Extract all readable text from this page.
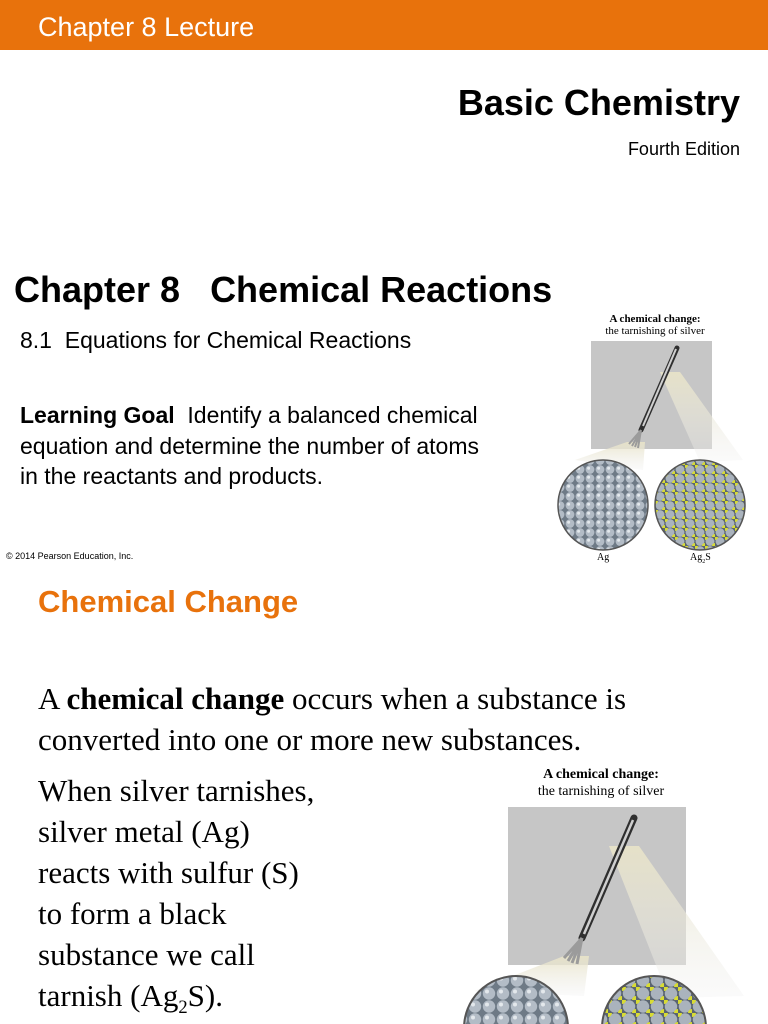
Chapter 8 Lecture
Basic Chemistry
Fourth Edition
Chapter 8 Chemical Reactions
8.1  Equations for Chemical Reactions
Learning Goal Identify a balanced chemical equation and determine the number of atoms in the reactants and products.
© 2014 Pearson Education, Inc.
A chemical change:
the tarnishing of silver
Ag	$Ag_2S$
Chemical Change
A chemical change occurs when a substance is converted into one or more new substances.
When silver tarnishes,
silver metal (Ag)
reacts with sulfur (S)
to form a black
substance we call
tarnish $(Ag_2S)$.
A chemical change:
the tarnishing of silver
